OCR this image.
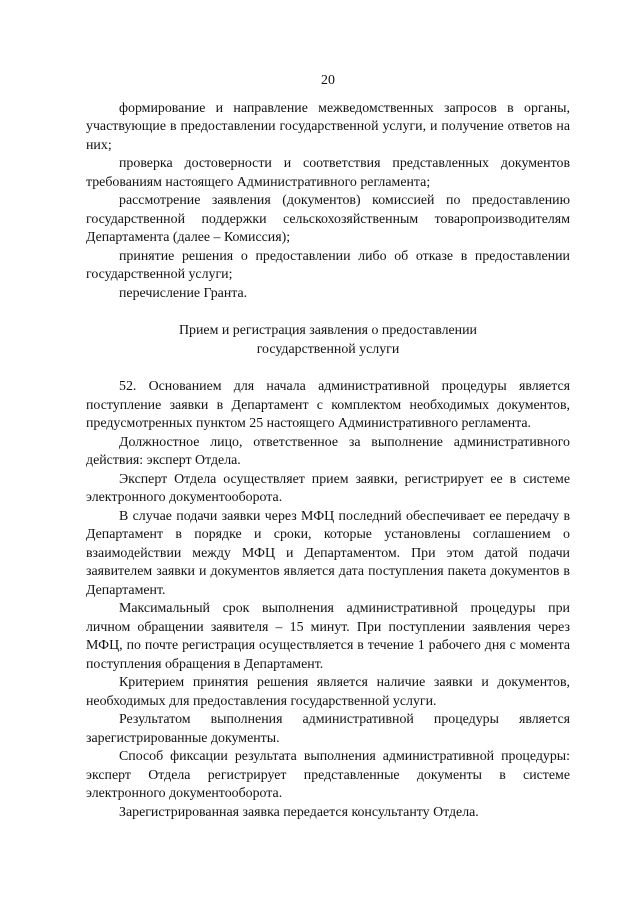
20

формирование и направление межведомственных запросов в органы, участвующие в предоставлении государственной услуги, и получение ответов на них;

проверка достоверности и соответствия представленных документов требованиям настоящего Административного регламента;

рассмотрение заявления (документов) комиссией по предоставлению государственной поддержки сельскохозяйственным товаропроизводителям Департамента (далее – Комиссия);

принятие решения о предоставлении либо об отказе в предоставлении государственной услуги;

перечисление Гранта.

Прием и регистрация заявления о предоставлении
государственной услуги

52. Основанием для начала административной процедуры является поступление заявки в Департамент с комплектом необходимых документов, предусмотренных пунктом 25 настоящего Административного регламента.

Должностное лицо, ответственное за выполнение административного действия: эксперт Отдела.

Эксперт Отдела осуществляет прием заявки, регистрирует ее в системе электронного документооборота.

В случае подачи заявки через МФЦ последний обеспечивает ее передачу в Департамент в порядке и сроки, которые установлены соглашением о взаимодействии между МФЦ и Департаментом. При этом датой подачи заявителем заявки и документов является дата поступления пакета документов в Департамент.

Максимальный срок выполнения административной процедуры при личном обращении заявителя – 15 минут. При поступлении заявления через МФЦ, по почте регистрация осуществляется в течение 1 рабочего дня с момента поступления обращения в Департамент.

Критерием принятия решения является наличие заявки и документов, необходимых для предоставления государственной услуги.

Результатом выполнения административной процедуры является зарегистрированные документы.

Способ фиксации результата выполнения административной процедуры: эксперт Отдела регистрирует представленные документы в системе электронного документооборота.

Зарегистрированная заявка передается консультанту Отдела.
